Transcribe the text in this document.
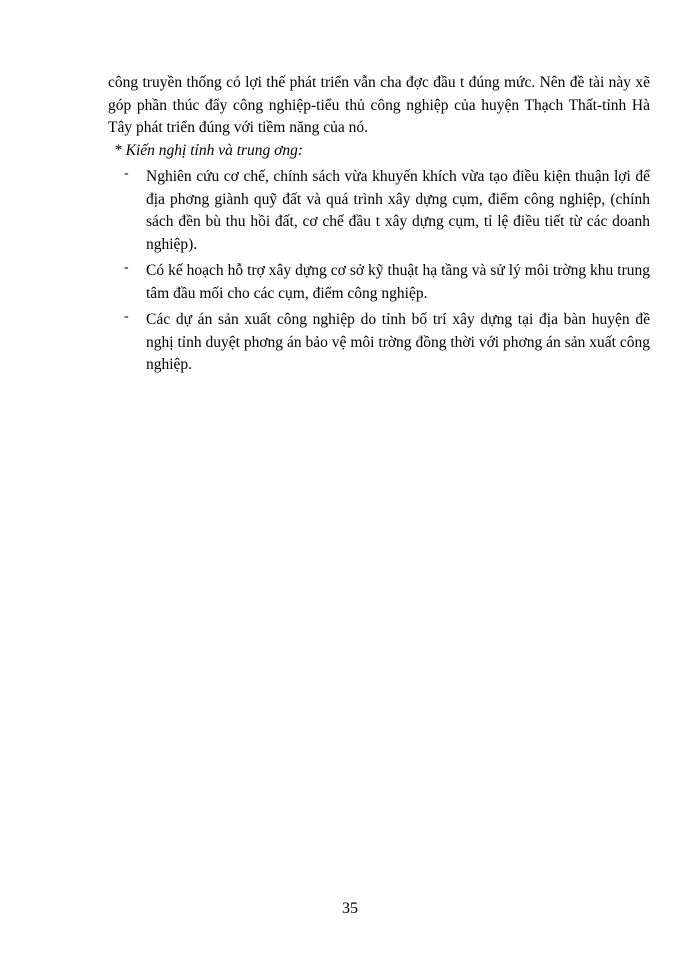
công truyền thống có lợi thế phát triển vẫn cha đợc đầu t đúng mức. Nên đề tài này xẽ góp phần thúc đẩy công nghiệp-tiểu thủ công nghiệp của huyện Thạch Thất-tỉnh Hà Tây phát triển đúng với tiềm năng của nó.

* Kiến nghị tỉnh và trung ơng:

- Nghiên cứu cơ chế, chính sách vừa khuyến khích vừa tạo điều kiện thuận lợi để địa phơng giành quỹ đất và quá trình xây dựng cụm, điểm công nghiệp, (chính sách đền bù thu hồi đất, cơ chế đầu t xây dựng cụm, tỉ lệ điều tiết từ các doanh nghiệp).
- Có kế hoạch hỗ trợ xây dựng cơ sở kỹ thuật hạ tầng và sử lý môi trờng khu trung tâm đầu mối cho các cụm, điểm công nghiệp.
- Các dự án sản xuất công nghiệp do tỉnh bố trí xây dựng tại địa bàn huyện đề nghị tỉnh duyệt phơng án bảo vệ môi trờng đồng thời với phơng án sản xuất công nghiệp.
35
